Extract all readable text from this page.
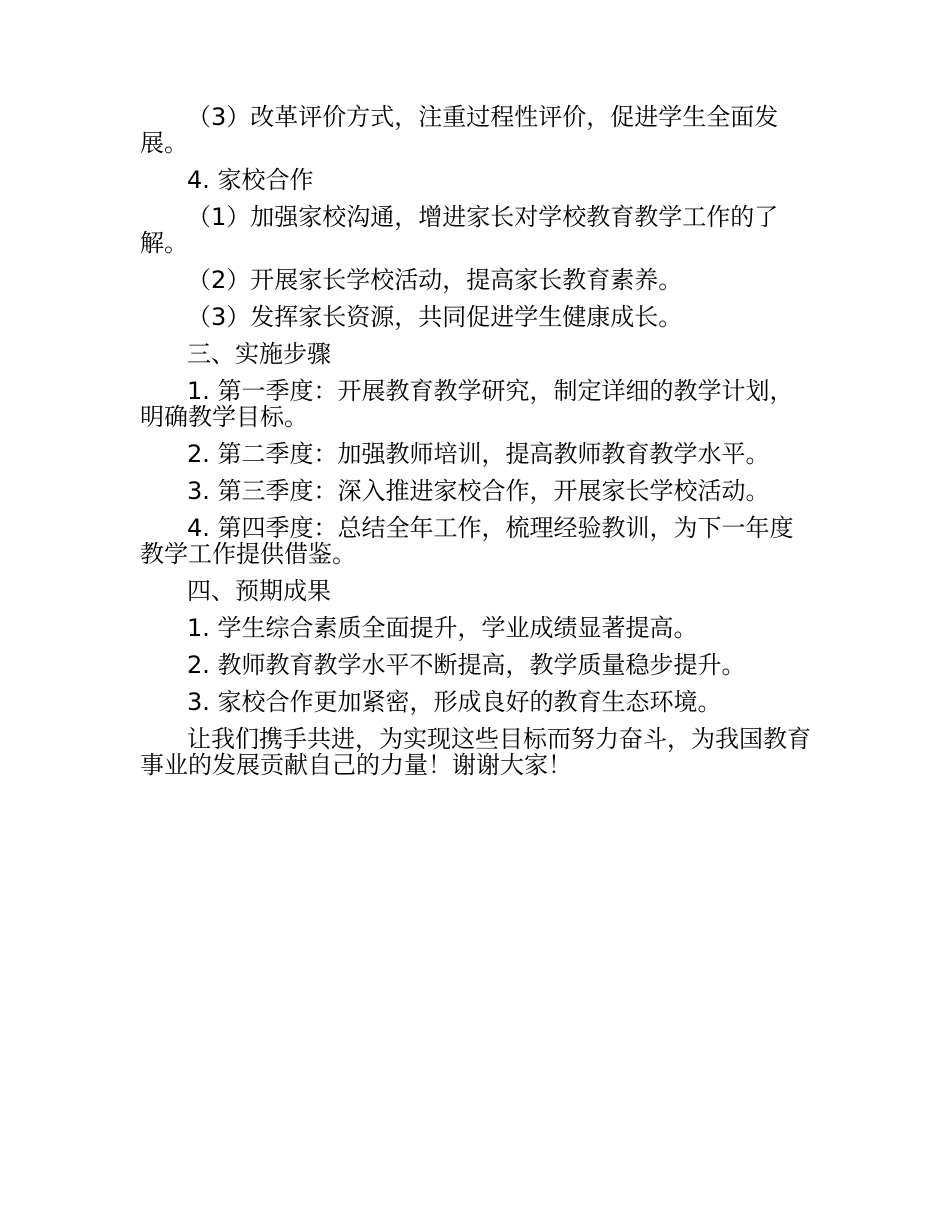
（3）改革评价方式，注重过程性评价，促进学生全面发展。

4. 家校合作

（1）加强家校沟通，增进家长对学校教育教学工作的了解。

（2）开展家长学校活动，提高家长教育素养。

（3）发挥家长资源，共同促进学生健康成长。

三、实施步骤

1. 第一季度：开展教育教学研究，制定详细的教学计划，明确教学目标。

2. 第二季度：加强教师培训，提高教师教育教学水平。

3. 第三季度：深入推进家校合作，开展家长学校活动。

4. 第四季度：总结全年工作，梳理经验教训，为下一年度教学工作提供借鉴。

四、预期成果

1. 学生综合素质全面提升，学业成绩显著提高。

2. 教师教育教学水平不断提高，教学质量稳步提升。

3. 家校合作更加紧密，形成良好的教育生态环境。

让我们携手共进，为实现这些目标而努力奋斗，为我国教育事业的发展贡献自己的力量！谢谢大家！
